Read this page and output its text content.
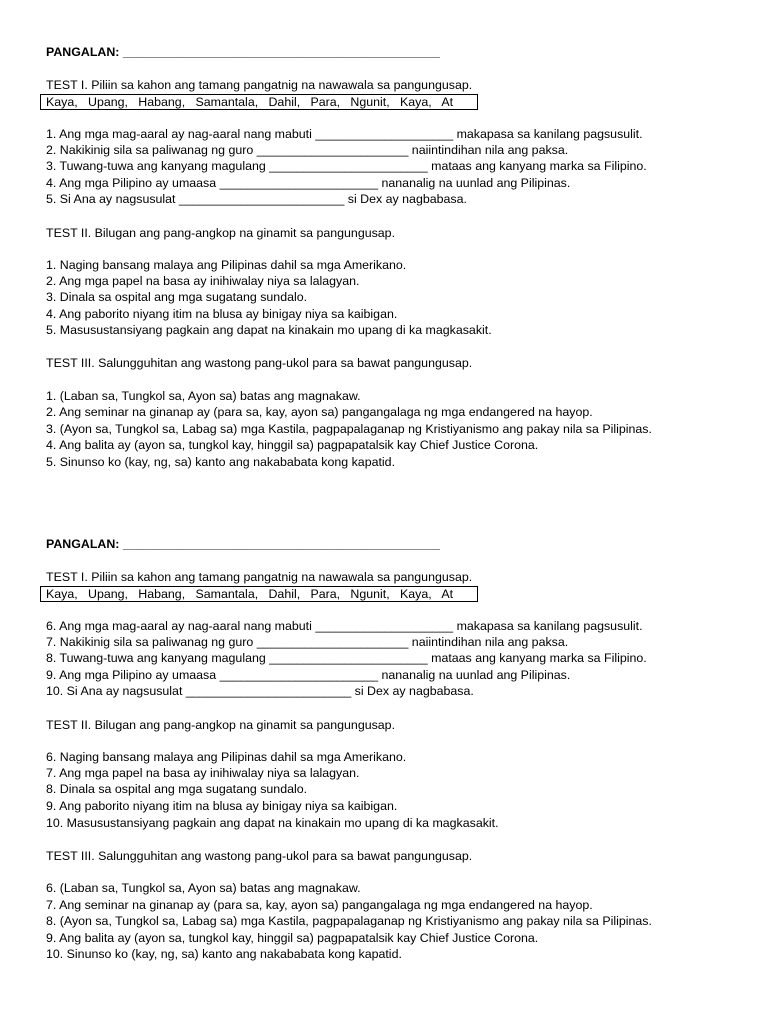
PANGALAN: ______________________________________________
TEST I. Piliin sa kahon ang tamang pangatnig na nawawala sa pangungusap.
Kaya,   Upang,   Habang,   Samantala,   Dahil,   Para,   Ngunit,   Kaya,   At
1. Ang mga mag-aaral ay nag-aaral nang mabuti ____________________ makapasa sa kanilang pagsusulit.
2. Nakikinig sila sa paliwanag ng guro ______________________ naiintindihan nila ang paksa.
3. Tuwang-tuwa ang kanyang magulang _______________________ mataas ang kanyang marka sa Filipino.
4. Ang mga Pilipino ay umaasa _______________________ nananalig na uunlad ang Pilipinas.
5. Si Ana ay nagsusulat ________________________ si Dex ay nagbabasa.
TEST II. Bilugan ang pang-angkop na ginamit sa pangungusap.
1. Naging bansang malaya ang Pilipinas dahil sa mga Amerikano.
2. Ang mga papel na basa ay inihiwalay niya sa lalagyan.
3. Dinala sa ospital ang mga sugatang sundalo.
4. Ang paborito niyang itim na blusa ay binigay niya sa kaibigan.
5. Masusustansiyang pagkain ang dapat na kinakain mo upang di ka magkasakit.
TEST III. Salungguhitan ang wastong pang-ukol para sa bawat pangungusap.
1. (Laban sa, Tungkol sa, Ayon sa) batas ang magnakaw.
2. Ang seminar na ginanap ay (para sa, kay, ayon sa) pangangalaga ng mga endangered na hayop.
3. (Ayon sa, Tungkol sa, Labag sa) mga Kastila, pagpapalaganap ng Kristiyanismo ang pakay nila sa Pilipinas.
4. Ang balita ay (ayon sa, tungkol kay, hinggil sa) pagpapatalsik kay Chief Justice Corona.
5. Sinunso ko (kay, ng, sa) kanto ang nakababata kong kapatid.
PANGALAN: ______________________________________________
TEST I. Piliin sa kahon ang tamang pangatnig na nawawala sa pangungusap.
Kaya,   Upang,   Habang,   Samantala,   Dahil,   Para,   Ngunit,   Kaya,   At
6. Ang mga mag-aaral ay nag-aaral nang mabuti ____________________ makapasa sa kanilang pagsusulit.
7. Nakikinig sila sa paliwanag ng guro ______________________ naiintindihan nila ang paksa.
8. Tuwang-tuwa ang kanyang magulang _______________________ mataas ang kanyang marka sa Filipino.
9. Ang mga Pilipino ay umaasa _______________________ nananalig na uunlad ang Pilipinas.
10. Si Ana ay nagsusulat ________________________ si Dex ay nagbabasa.
TEST II. Bilugan ang pang-angkop na ginamit sa pangungusap.
6. Naging bansang malaya ang Pilipinas dahil sa mga Amerikano.
7. Ang mga papel na basa ay inihiwalay niya sa lalagyan.
8. Dinala sa ospital ang mga sugatang sundalo.
9. Ang paborito niyang itim na blusa ay binigay niya sa kaibigan.
10. Masusustansiyang pagkain ang dapat na kinakain mo upang di ka magkasakit.
TEST III. Salungguhitan ang wastong pang-ukol para sa bawat pangungusap.
6. (Laban sa, Tungkol sa, Ayon sa) batas ang magnakaw.
7. Ang seminar na ginanap ay (para sa, kay, ayon sa) pangangalaga ng mga endangered na hayop.
8. (Ayon sa, Tungkol sa, Labag sa) mga Kastila, pagpapalaganap ng Kristiyanismo ang pakay nila sa Pilipinas.
9. Ang balita ay (ayon sa, tungkol kay, hinggil sa) pagpapatalsik kay Chief Justice Corona.
10. Sinunso ko (kay, ng, sa) kanto ang nakababata kong kapatid.
